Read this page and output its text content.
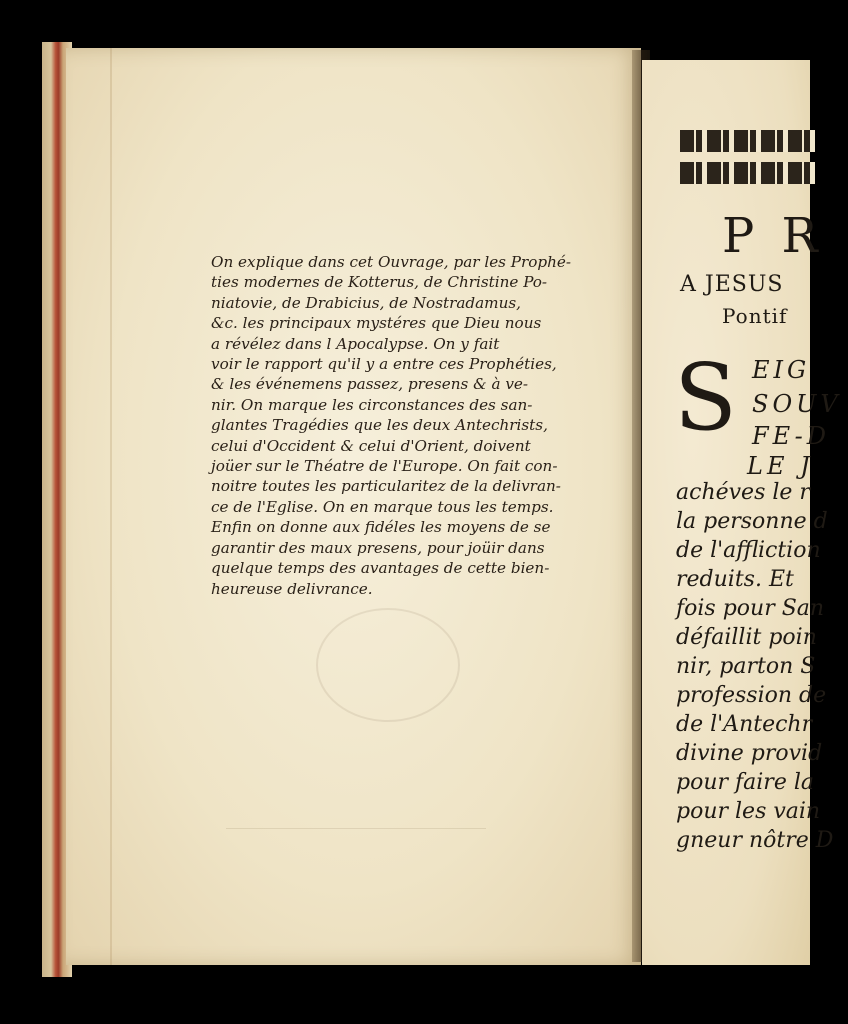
On explique dans cet Ouvrage, par les Prophé-
ties modernes de Kotterus, de Christine Po-
niatovie, de Drabicius, de Nostradamus,
&c. les principaux mystéres que Dieu nous
a révélez dans l Apocalypse. On y fait
voir le rapport qu'il y a entre ces Prophéties,
& les événemens passez, presens & à ve-
nir. On marque les circonstances des san-
glantes Tragédies que les deux Antechrists,
celui d'Occident & celui d'Orient, doivent
joüer sur le Théatre de l'Europe. On fait con-
noitre toutes les particularitez de la delivran-
ce de l'Eglise. On en marque tous les temps.
Enfin on donne aux fidéles les moyens de se
garantir des maux presens, pour joüir dans
quelque temps des avantages de cette bien-
heureuse delivrance.
P R
A JESUS
Pontif
S EIG
SOUV
FE-D
LE J
achéves le r
la personne d
de l'affliction
reduits. Et
fois pour San
défaillit poin
nir, parton S
profession de
de l'Antechr
divine provid
pour faire la
pour les vain
gneur nôtre D
